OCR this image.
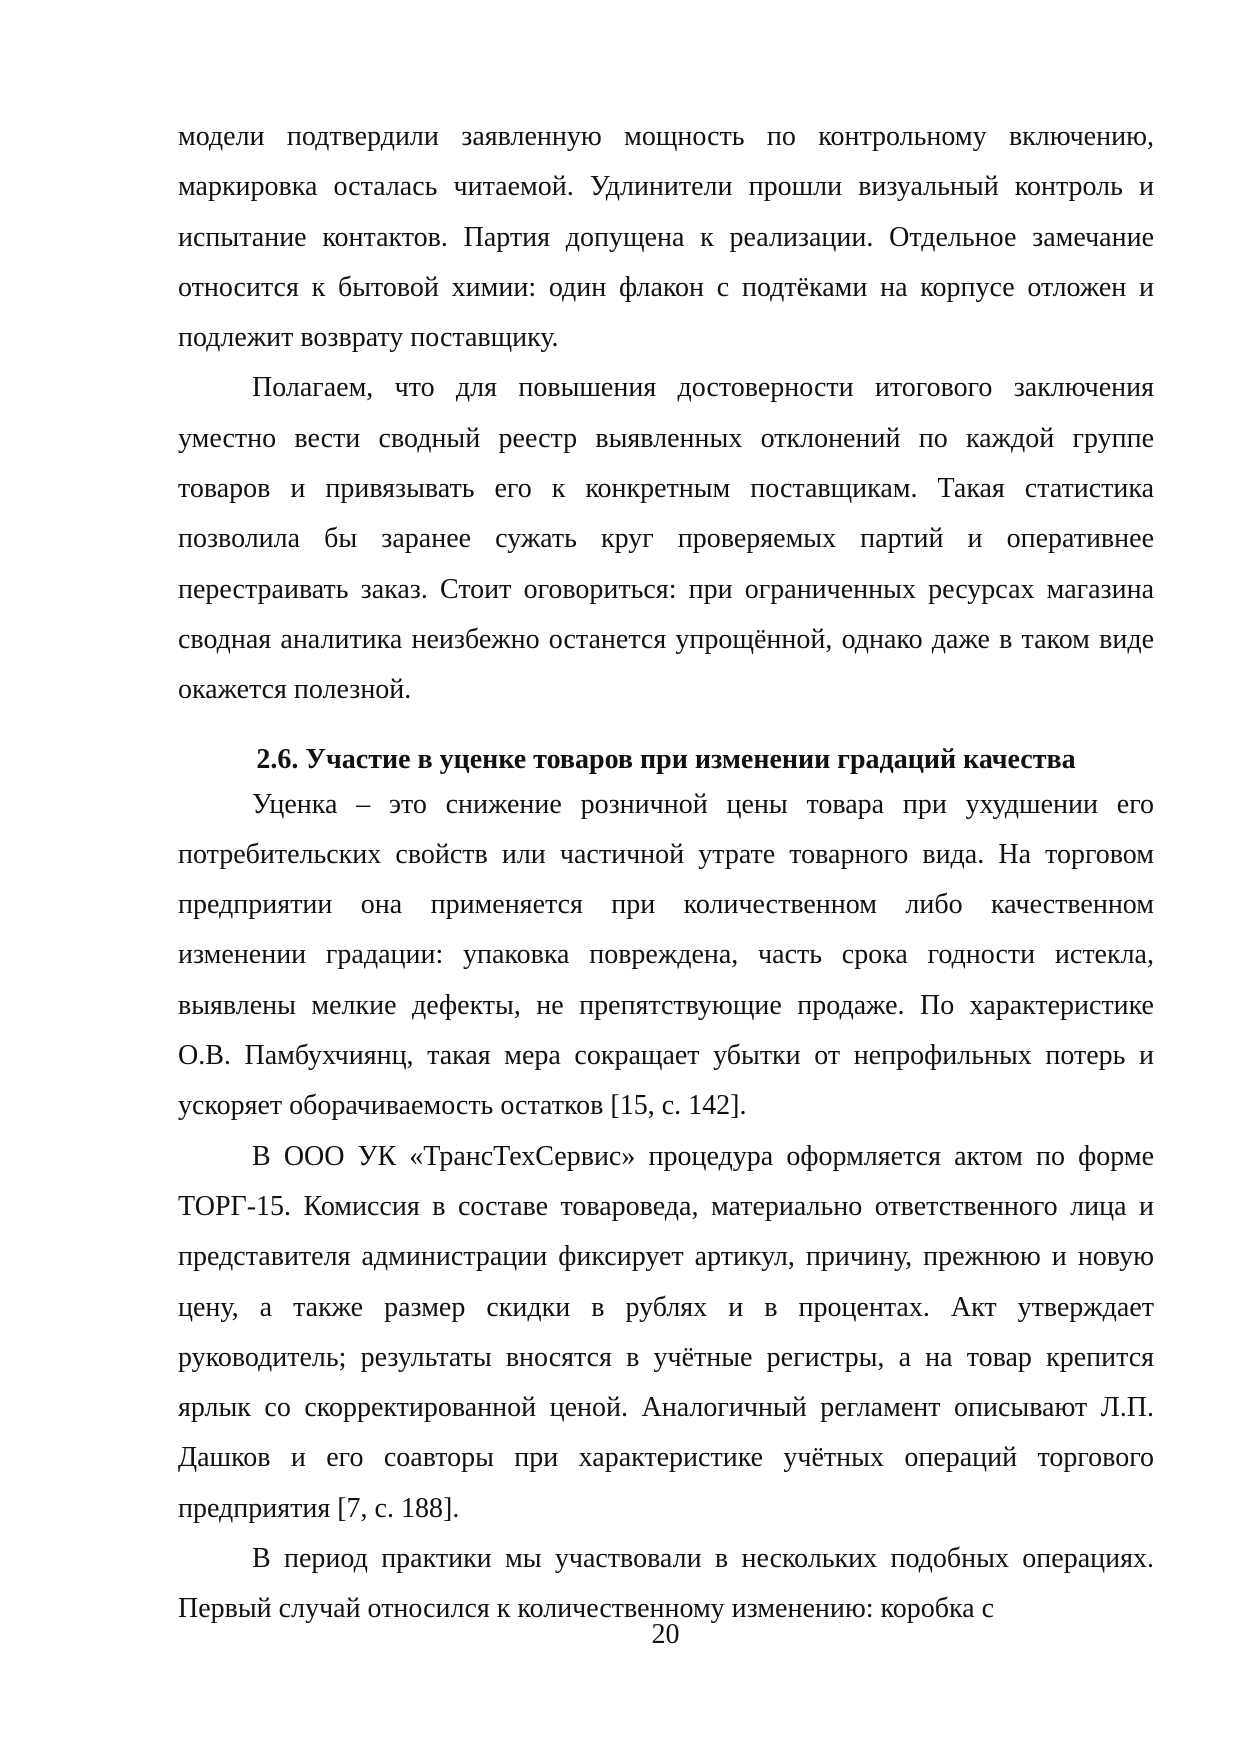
модели подтвердили заявленную мощность по контрольному включению, маркировка осталась читаемой. Удлинители прошли визуальный контроль и испытание контактов. Партия допущена к реализации. Отдельное замечание относится к бытовой химии: один флакон с подтёками на корпусе отложен и подлежит возврату поставщику.

Полагаем, что для повышения достоверности итогового заключения уместно вести сводный реестр выявленных отклонений по каждой группе товаров и привязывать его к конкретным поставщикам. Такая статистика позволила бы заранее сужать круг проверяемых партий и оперативнее перестраивать заказ. Стоит оговориться: при ограниченных ресурсах магазина сводная аналитика неизбежно останется упрощённой, однако даже в таком виде окажется полезной.

2.6. Участие в уценке товаров при изменении градаций качества

Уценка – это снижение розничной цены товара при ухудшении его потребительских свойств или частичной утрате товарного вида. На торговом предприятии она применяется при количественном либо качественном изменении градации: упаковка повреждена, часть срока годности истекла, выявлены мелкие дефекты, не препятствующие продаже. По характеристике О.В. Памбухчиянц, такая мера сокращает убытки от непрофильных потерь и ускоряет оборачиваемость остатков [15, с. 142].

В ООО УК «ТрансТехСервис» процедура оформляется актом по форме ТОРГ-15. Комиссия в составе товароведа, материально ответственного лица и представителя администрации фиксирует артикул, причину, прежнюю и новую цену, а также размер скидки в рублях и в процентах. Акт утверждает руководитель; результаты вносятся в учётные регистры, а на товар крепится ярлык со скорректированной ценой. Аналогичный регламент описывают Л.П. Дашков и его соавторы при характеристике учётных операций торгового предприятия [7, с. 188].

В период практики мы участвовали в нескольких подобных операциях. Первый случай относился к количественному изменению: коробка с

20
